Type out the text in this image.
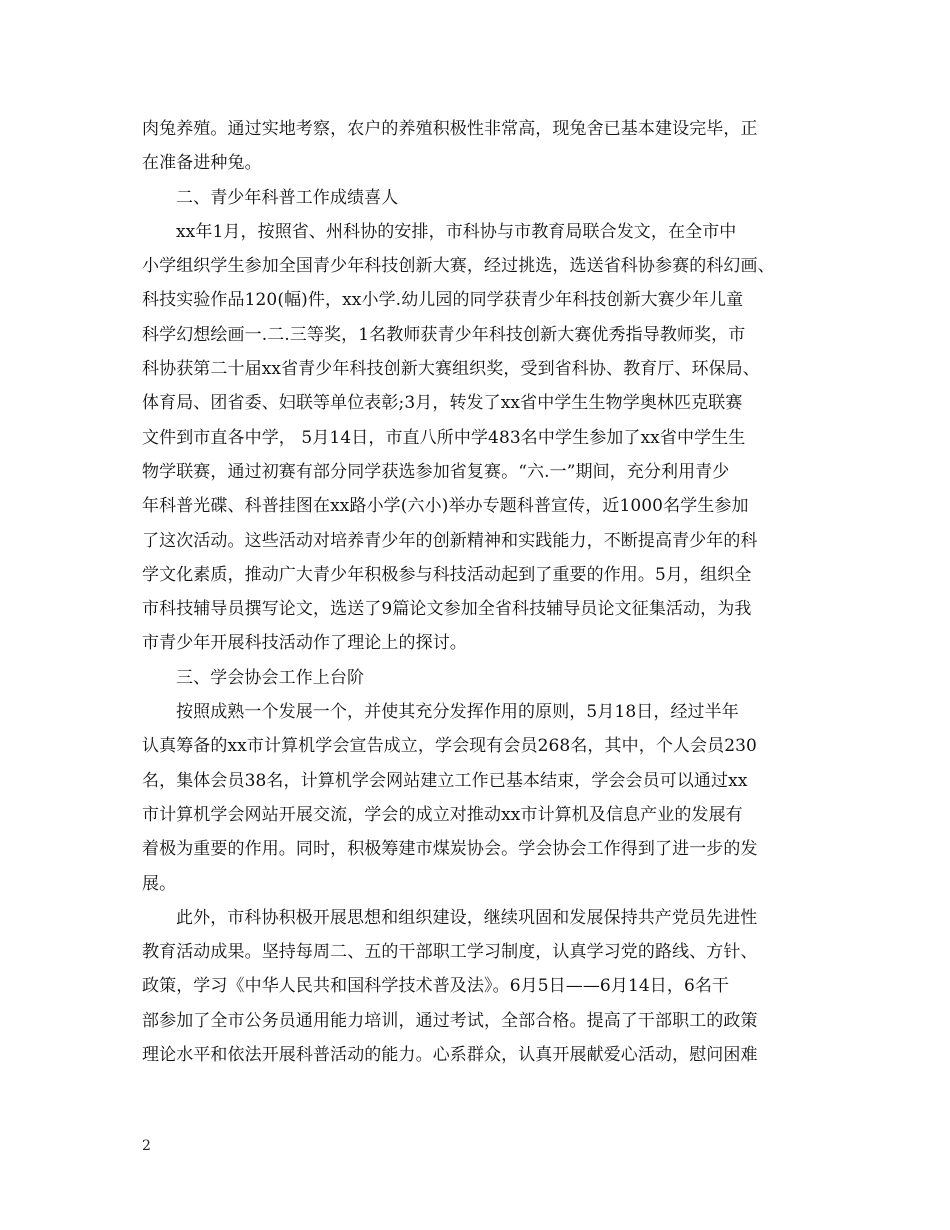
肉兔养殖。通过实地考察，农户的养殖积极性非常高，现兔舍已基本建设完毕，正
在准备进种兔。
二、青少年科普工作成绩喜人
xx年1月，按照省、州科协的安排，市科协与市教育局联合发文，在全市中
小学组织学生参加全国青少年科技创新大赛，经过挑选，选送省科协参赛的科幻画、
科技实验作品120(幅)件，xx小学.幼儿园的同学获青少年科技创新大赛少年儿童
科学幻想绘画一.二.三等奖，1名教师获青少年科技创新大赛优秀指导教师奖，市
科协获第二十届xx省青少年科技创新大赛组织奖，受到省科协、教育厅、环保局、
体育局、团省委、妇联等单位表彰;3月，转发了xx省中学生生物学奥林匹克联赛
文件到市直各中学， 5月14日，市直八所中学483名中学生参加了xx省中学生生
物学联赛，通过初赛有部分同学获选参加省复赛。“六.一”期间，充分利用青少
年科普光碟、科普挂图在xx路小学(六小)举办专题科普宣传，近1000名学生参加
了这次活动。这些活动对培养青少年的创新精神和实践能力，不断提高青少年的科
学文化素质，推动广大青少年积极参与科技活动起到了重要的作用。5月，组织全
市科技辅导员撰写论文，选送了9篇论文参加全省科技辅导员论文征集活动，为我
市青少年开展科技活动作了理论上的探讨。
三、学会协会工作上台阶
按照成熟一个发展一个，并使其充分发挥作用的原则，5月18日，经过半年
认真筹备的xx市计算机学会宣告成立，学会现有会员268名，其中，个人会员230
名，集体会员38名，计算机学会网站建立工作已基本结束，学会会员可以通过xx
市计算机学会网站开展交流，学会的成立对推动xx市计算机及信息产业的发展有
着极为重要的作用。同时，积极筹建市煤炭协会。学会协会工作得到了进一步的发
展。
此外，市科协积极开展思想和组织建设，继续巩固和发展保持共产党员先进性
教育活动成果。坚持每周二、五的干部职工学习制度，认真学习党的路线、方针、
政策，学习《中华人民共和国科学技术普及法》。6月5日——6月14日，6名干
部参加了全市公务员通用能力培训，通过考试，全部合格。提高了干部职工的政策
理论水平和依法开展科普活动的能力。心系群众，认真开展献爱心活动，慰问困难
2
